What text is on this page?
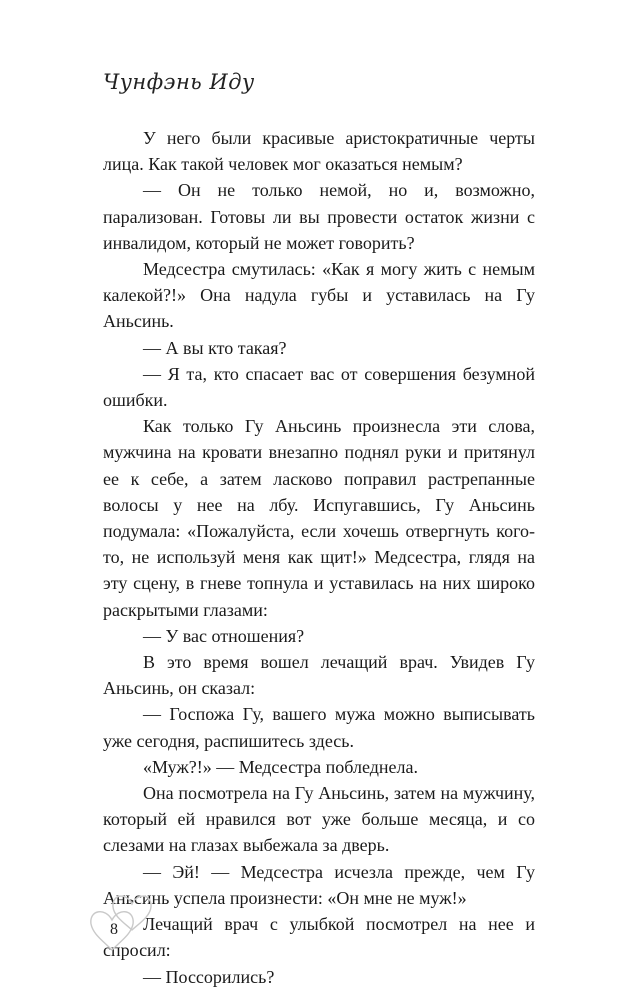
Чунфэнь Иду

У него были красивые аристократичные черты лица. Как такой человек мог оказаться немым?

— Он не только немой, но и, возможно, парализован. Готовы ли вы провести остаток жизни с инвалидом, который не может говорить?

Медсестра смутилась: «Как я могу жить с немым калекой?!» Она надула губы и уставилась на Гу Аньсинь.

— А вы кто такая?

— Я та, кто спасает вас от совершения безумной ошибки.

Как только Гу Аньсинь произнесла эти слова, мужчина на кровати внезапно поднял руки и притянул ее к себе, а затем ласково поправил растрепанные волосы у нее на лбу. Испугавшись, Гу Аньсинь подумала: «Пожалуйста, если хочешь отвергнуть кого-то, не используй меня как щит!» Медсестра, глядя на эту сцену, в гневе топнула и уставилась на них широко раскрытыми глазами:

— У вас отношения?

В это время вошел лечащий врач. Увидев Гу Аньсинь, он сказал:

— Госпожа Гу, вашего мужа можно выписывать уже сегодня, распишитесь здесь.

«Муж?!» — Медсестра побледнела.

Она посмотрела на Гу Аньсинь, затем на мужчину, который ей нравился вот уже больше месяца, и со слезами на глазах выбежала за дверь.

— Эй! — Медсестра исчезла прежде, чем Гу Аньсинь успела произнести: «Он мне не муж!»

Лечащий врач с улыбкой посмотрел на нее и спросил:

— Поссорились?

8
